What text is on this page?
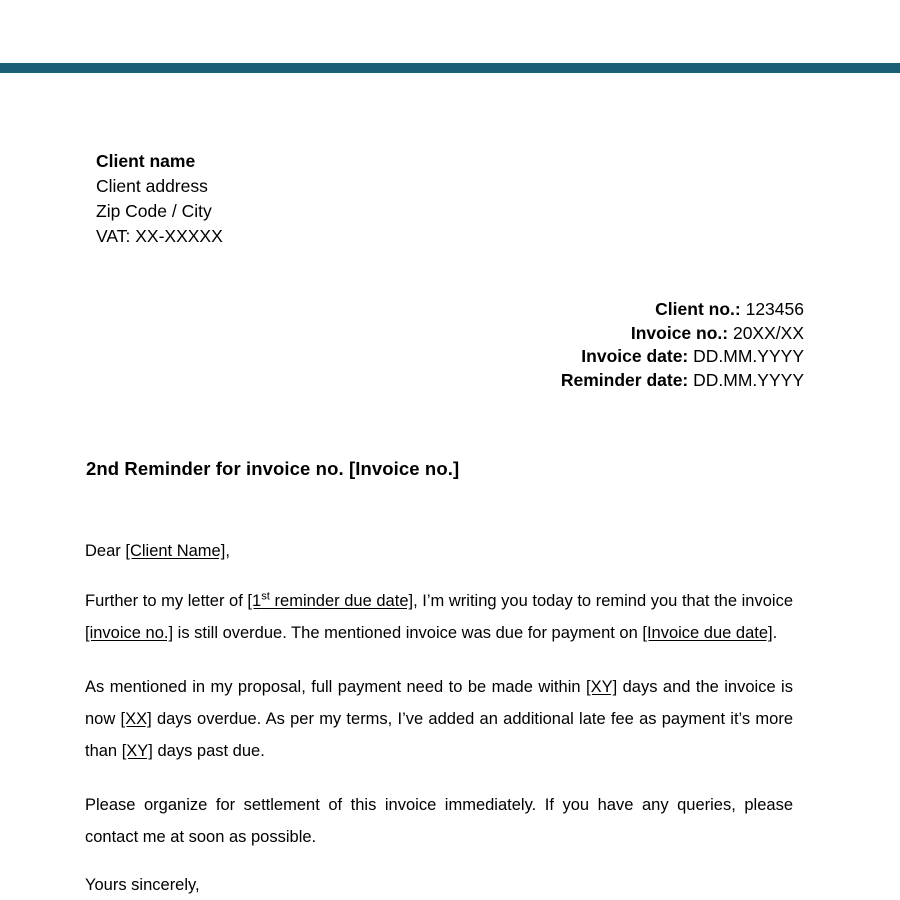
Client name
Client address
Zip Code / City
VAT: XX-XXXXX
Client no.: 123456
Invoice no.: 20XX/XX
Invoice date: DD.MM.YYYY
Reminder date: DD.MM.YYYY
2nd Reminder for invoice no. [Invoice no.]

Dear [Client Name],

Further to my letter of [1st reminder due date], I’m writing you today to remind you that the invoice [invoice no.] is still overdue. The mentioned invoice was due for payment on [Invoice due date].

As mentioned in my proposal, full payment need to be made within [XY] days and the invoice is now [XX] days overdue. As per my terms, I’ve added an additional late fee as payment it’s more than [XY] days past due.

Please organize for settlement of this invoice immediately. If you have any queries, please contact me at soon as possible.

Yours sincerely,
